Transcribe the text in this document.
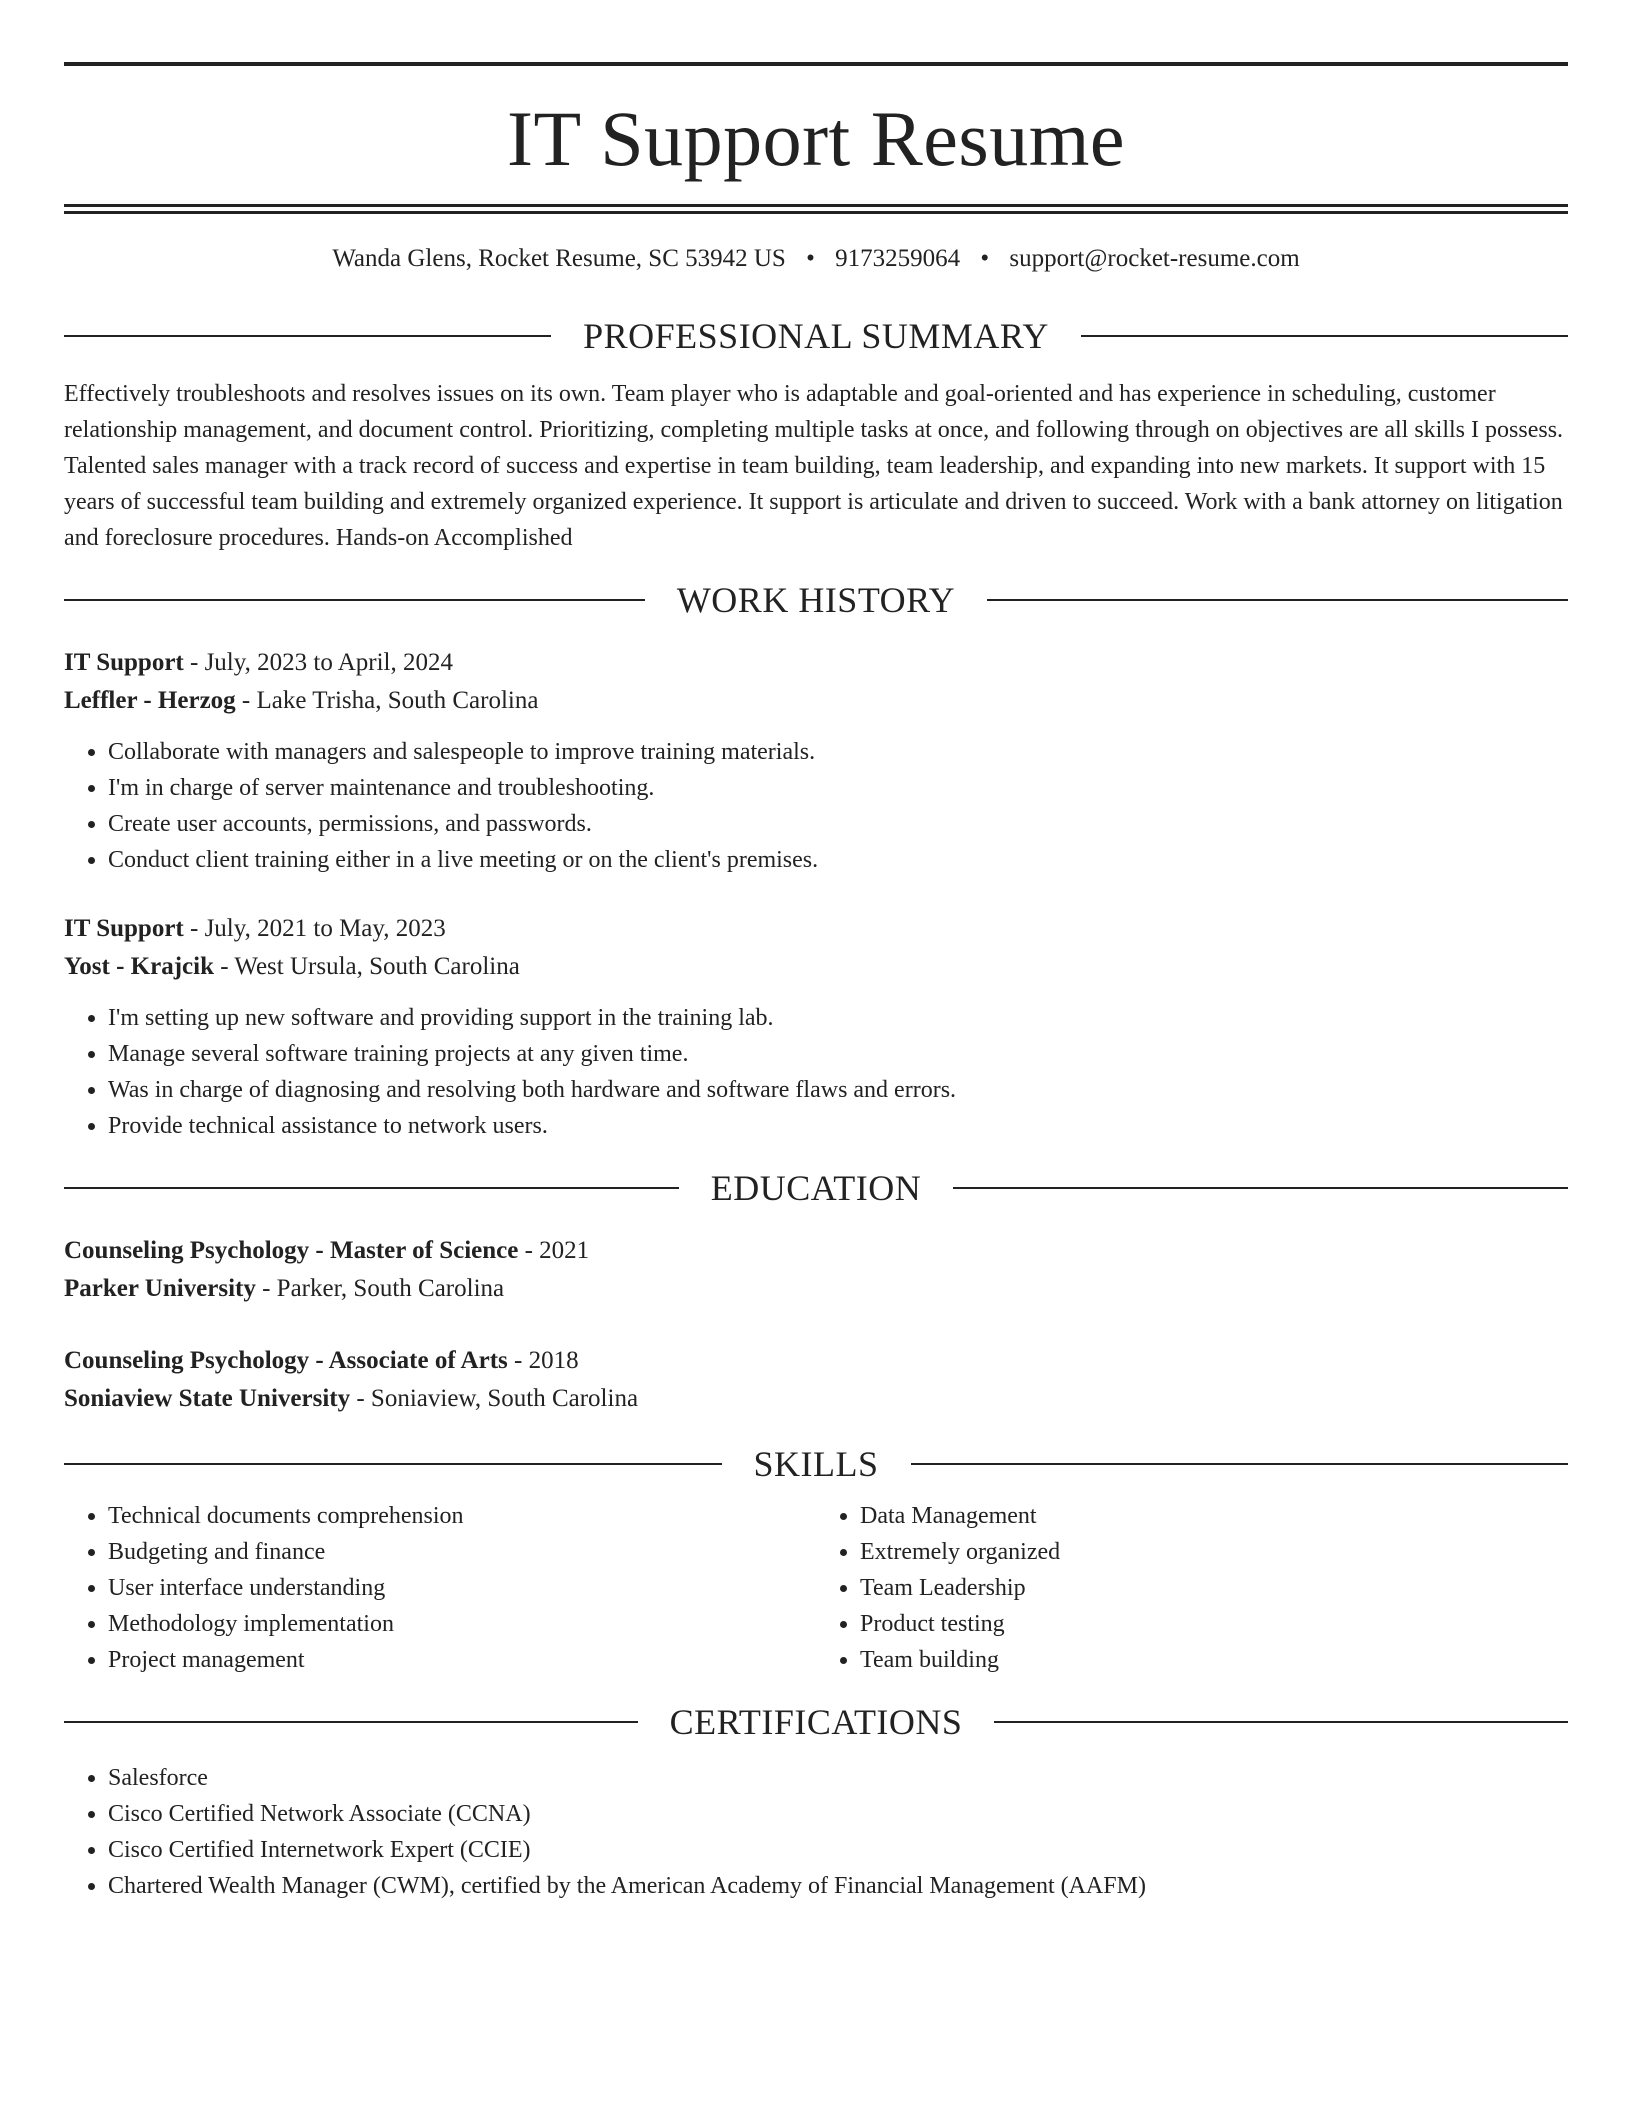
IT Support Resume
Wanda Glens, Rocket Resume, SC 53942 US • 9173259064 • support@rocket-resume.com
PROFESSIONAL SUMMARY
Effectively troubleshoots and resolves issues on its own. Team player who is adaptable and goal-oriented and has experience in scheduling, customer relationship management, and document control. Prioritizing, completing multiple tasks at once, and following through on objectives are all skills I possess. Talented sales manager with a track record of success and expertise in team building, team leadership, and expanding into new markets. It support with 15 years of successful team building and extremely organized experience. It support is articulate and driven to succeed. Work with a bank attorney on litigation and foreclosure procedures. Hands-on Accomplished
WORK HISTORY
IT Support - July, 2023 to April, 2024
Leffler - Herzog - Lake Trisha, South Carolina
• Collaborate with managers and salespeople to improve training materials.
• I'm in charge of server maintenance and troubleshooting.
• Create user accounts, permissions, and passwords.
• Conduct client training either in a live meeting or on the client's premises.
IT Support - July, 2021 to May, 2023
Yost - Krajcik - West Ursula, South Carolina
• I'm setting up new software and providing support in the training lab.
• Manage several software training projects at any given time.
• Was in charge of diagnosing and resolving both hardware and software flaws and errors.
• Provide technical assistance to network users.
EDUCATION
Counseling Psychology - Master of Science - 2021
Parker University - Parker, South Carolina
Counseling Psychology - Associate of Arts - 2018
Soniaview State University - Soniaview, South Carolina
SKILLS
• Technical documents comprehension
• Budgeting and finance
• User interface understanding
• Methodology implementation
• Project management
• Data Management
• Extremely organized
• Team Leadership
• Product testing
• Team building
CERTIFICATIONS
• Salesforce
• Cisco Certified Network Associate (CCNA)
• Cisco Certified Internetwork Expert (CCIE)
• Chartered Wealth Manager (CWM), certified by the American Academy of Financial Management (AAFM)
